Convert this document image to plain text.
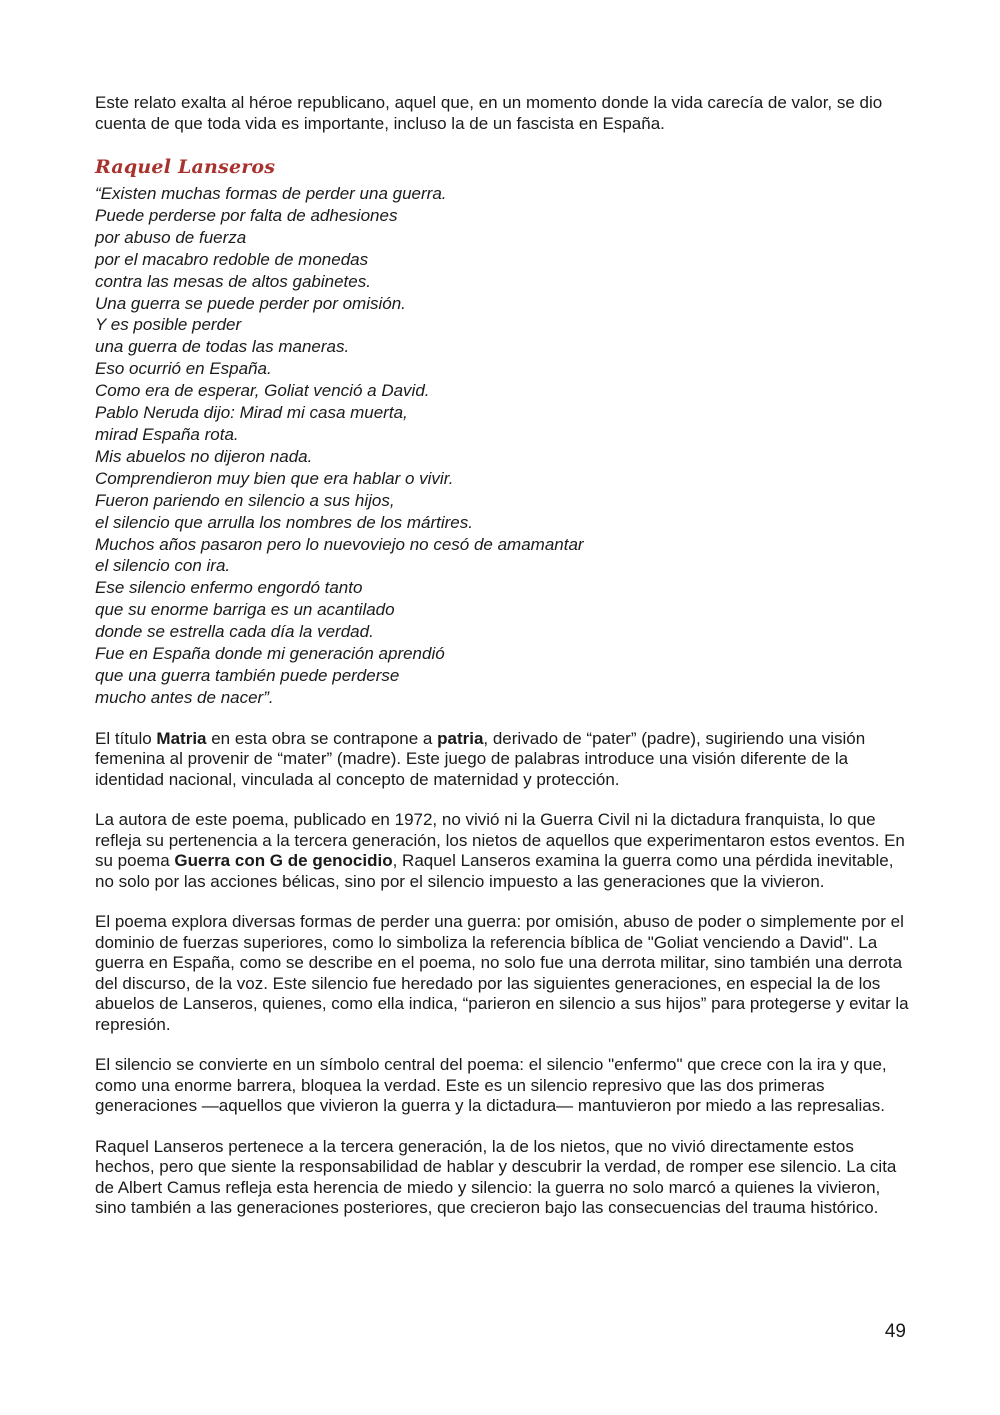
Este relato exalta al héroe republicano, aquel que, en un momento donde la vida carecía de valor, se dio cuenta de que toda vida es importante, incluso la de un fascista en España.

Raquel Lanseros
“Existen muchas formas de perder una guerra.
Puede perderse por falta de adhesiones
por abuso de fuerza
por el macabro redoble de monedas
contra las mesas de altos gabinetes.
Una guerra se puede perder por omisión.
Y es posible perder
una guerra de todas las maneras.
Eso ocurrió en España.
Como era de esperar, Goliat venció a David.
Pablo Neruda dijo: Mirad mi casa muerta,
mirad España rota.
Mis abuelos no dijeron nada.
Comprendieron muy bien que era hablar o vivir.
Fueron pariendo en silencio a sus hijos,
el silencio que arrulla los nombres de los mártires.
Muchos años pasaron pero lo nuevoviejo no cesó de amamantar
el silencio con ira.
Ese silencio enfermo engordó tanto
que su enorme barriga es un acantilado
donde se estrella cada día la verdad.
Fue en España donde mi generación aprendió
que una guerra también puede perderse
mucho antes de nacer”.

El título Matria en esta obra se contrapone a patria, derivado de “pater” (padre), sugiriendo una visión femenina al provenir de “mater” (madre). Este juego de palabras introduce una visión diferente de la identidad nacional, vinculada al concepto de maternidad y protección.

La autora de este poema, publicado en 1972, no vivió ni la Guerra Civil ni la dictadura franquista, lo que refleja su pertenencia a la tercera generación, los nietos de aquellos que experimentaron estos eventos. En su poema Guerra con G de genocidio, Raquel Lanseros examina la guerra como una pérdida inevitable, no solo por las acciones bélicas, sino por el silencio impuesto a las generaciones que la vivieron.

El poema explora diversas formas de perder una guerra: por omisión, abuso de poder o simplemente por el dominio de fuerzas superiores, como lo simboliza la referencia bíblica de "Goliat venciendo a David". La guerra en España, como se describe en el poema, no solo fue una derrota militar, sino también una derrota del discurso, de la voz. Este silencio fue heredado por las siguientes generaciones, en especial la de los abuelos de Lanseros, quienes, como ella indica, “parieron en silencio a sus hijos” para protegerse y evitar la represión.

El silencio se convierte en un símbolo central del poema: el silencio "enfermo" que crece con la ira y que, como una enorme barrera, bloquea la verdad. Este es un silencio represivo que las dos primeras generaciones —aquellos que vivieron la guerra y la dictadura— mantuvieron por miedo a las represalias.

Raquel Lanseros pertenece a la tercera generación, la de los nietos, que no vivió directamente estos hechos, pero que siente la responsabilidad de hablar y descubrir la verdad, de romper ese silencio. La cita de Albert Camus refleja esta herencia de miedo y silencio: la guerra no solo marcó a quienes la vivieron, sino también a las generaciones posteriores, que crecieron bajo las consecuencias del trauma histórico.

49
